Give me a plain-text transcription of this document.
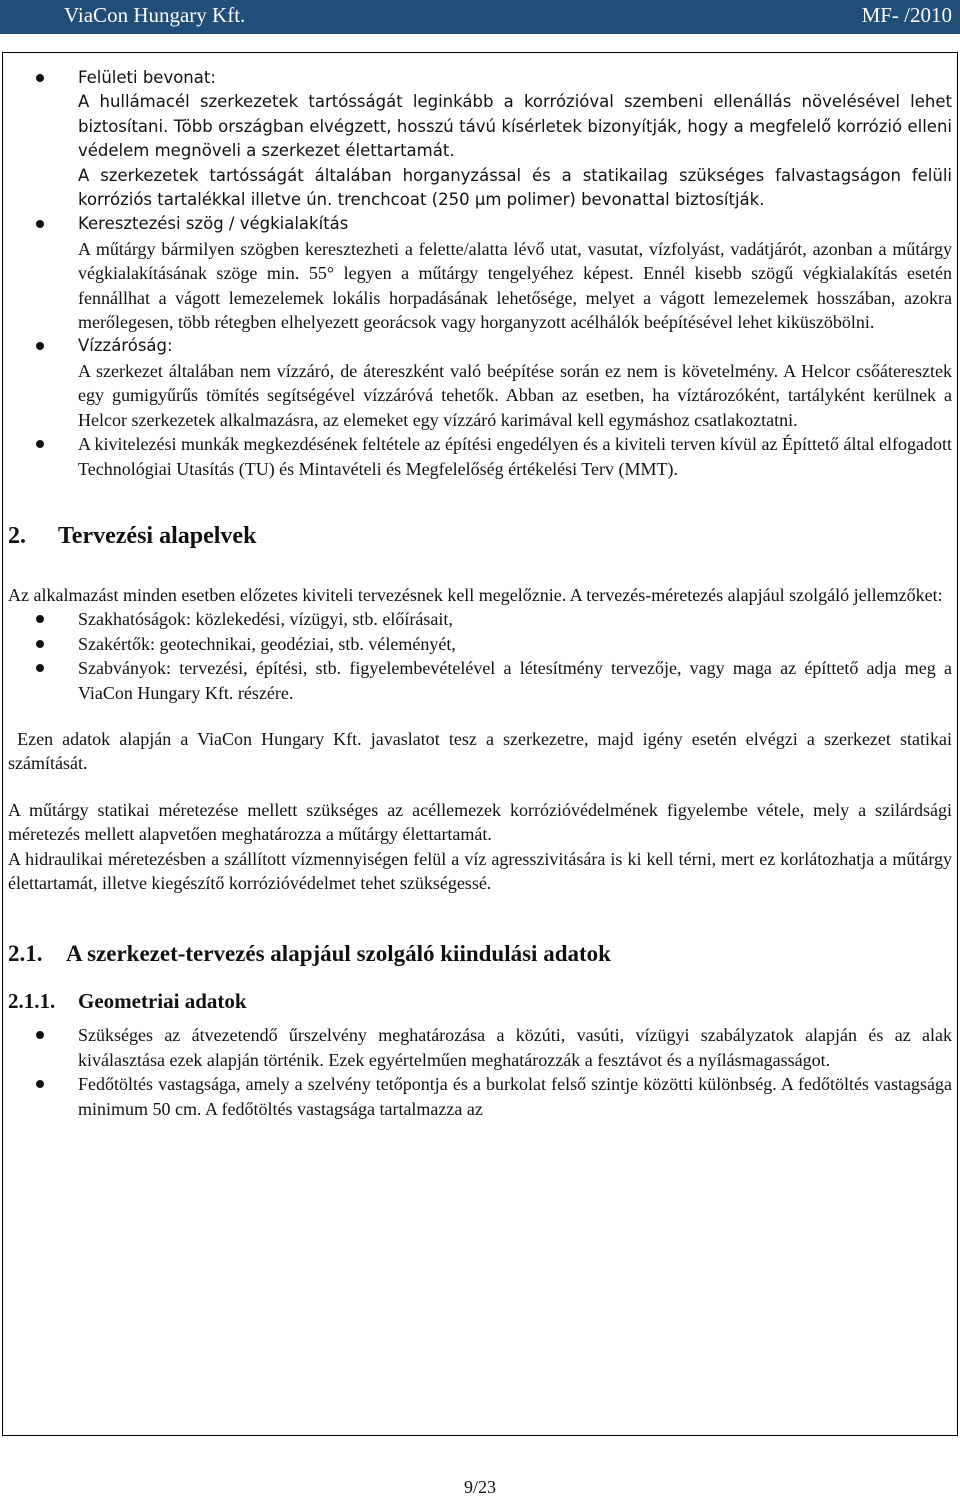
ViaCon Hungary Kft.	MF- /2010

Felületi bevonat:

A hullámacél szerkezetek tartósságát leginkább a korrózióval szembeni ellenállás növelésével lehet biztosítani. Több országban elvégzett, hosszú távú kísérletek bizonyítják, hogy a megfelelő korrózió elleni védelem megnöveli a szerkezet élettartamát.

A szerkezetek tartósságát általában horganyzással és a statikailag szükséges falvastagságon felüli korróziós tartalékkal illetve ún. trenchcoat (250 µm polimer) bevonattal biztosítják.

Keresztezési szög / végkialakítás

A műtárgy bármilyen szögben keresztezheti a felette/alatta lévő utat, vasutat, vízfolyást, vadátjárót, azonban a műtárgy végkialakításának szöge min. 55° legyen a műtárgy tengelyéhez képest. Ennél kisebb szögű végkialakítás esetén fennállhat a vágott lemezelemek lokális horpadásának lehetősége, melyet a vágott lemezelemek hosszában, azokra merőlegesen, több rétegben elhelyezett georácsok vagy horganyzott acélhálók beépítésével lehet kiküszöbölni.

Vízzáróság:

A szerkezet általában nem vízzáró, de átereszként való beépítése során ez nem is követelmény. A Helcor csőáteresztek egy gumigyűrűs tömítés segítségével vízzáróvá tehetők. Abban az esetben, ha víztározóként, tartályként kerülnek a Helcor szerkezetek alkalmazásra, az elemeket egy vízzáró karimával kell egymáshoz csatlakoztatni.

A kivitelezési munkák megkezdésének feltétele az építési engedélyen és a kiviteli terven kívül az Építtető által elfogadott Technológiai Utasítás (TU) és Mintavételi és Megfelelőség értékelési Terv (MMT).

2. Tervezési alapelvek

Az alkalmazást minden esetben előzetes kiviteli tervezésnek kell megelőznie. A tervezés-méretezés alapjául szolgáló jellemzőket:

Szakhatóságok: közlekedési, vízügyi, stb. előírásait,

Szakértők: geotechnikai, geodéziai, stb. véleményét,

Szabványok: tervezési, építési, stb. figyelembevételével a létesítmény tervezője, vagy maga az építtető adja meg a ViaCon Hungary Kft. részére.

Ezen adatok alapján a ViaCon Hungary Kft. javaslatot tesz a szerkezetre, majd igény esetén elvégzi a szerkezet statikai számítását.

A műtárgy statikai méretezése mellett szükséges az acéllemezek korrózióvédelmének figyelembe vétele, mely a szilárdsági méretezés mellett alapvetően meghatározza a műtárgy élettartamát.

A hidraulikai méretezésben a szállított vízmennyiségen felül a víz agresszivitására is ki kell térni, mert ez korlátozhatja a műtárgy élettartamát, illetve kiegészítő korrózióvédelmet tehet szükségessé.

2.1. A szerkezet-tervezés alapjául szolgáló kiindulási adatok
2.1.1. Geometriai adatok

Szükséges az átvezetendő űrszelvény meghatározása a közúti, vasúti, vízügyi szabályzatok alapján és az alak kiválasztása ezek alapján történik. Ezek egyértelműen meghatározzák a fesztávot és a nyílásmagasságot.

Fedőtöltés vastagsága, amely a szelvény tetőpontja és a burkolat felső szintje közötti különbség. A fedőtöltés vastagsága minimum 50 cm. A fedőtöltés vastagsága tartalmazza az

9/23
